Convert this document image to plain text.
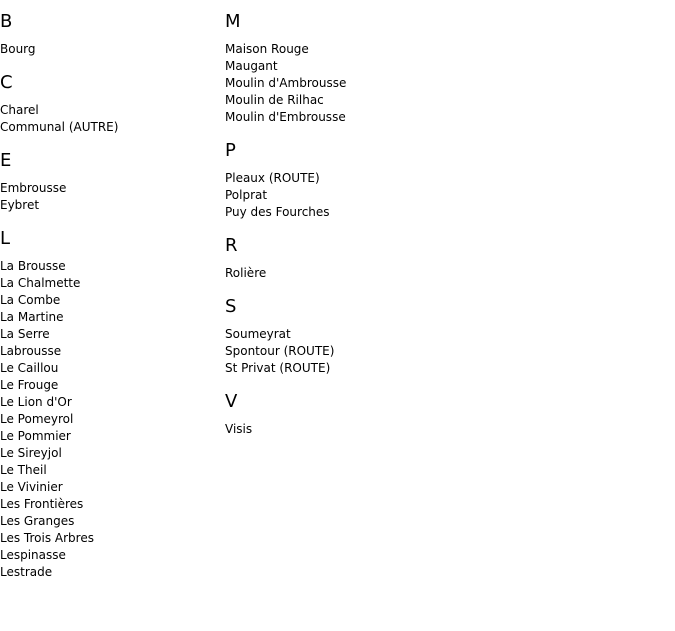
B
Bourg
C
Charel
Communal (AUTRE)
E
Embrousse
Eybret
L
La Brousse
La Chalmette
La Combe
La Martine
La Serre
Labrousse
Le Caillou
Le Frouge
Le Lion d'Or
Le Pomeyrol
Le Pommier
Le Sireyjol
Le Theil
Le Vivinier
Les Frontières
Les Granges
Les Trois Arbres
Lespinasse
Lestrade
M
Maison Rouge
Maugant
Moulin d'Ambrousse
Moulin de Rilhac
Moulin d'Embrousse
P
Pleaux (ROUTE)
Polprat
Puy des Fourches
R
Rolière
S
Soumeyrat
Spontour (ROUTE)
St Privat (ROUTE)
V
Visis
